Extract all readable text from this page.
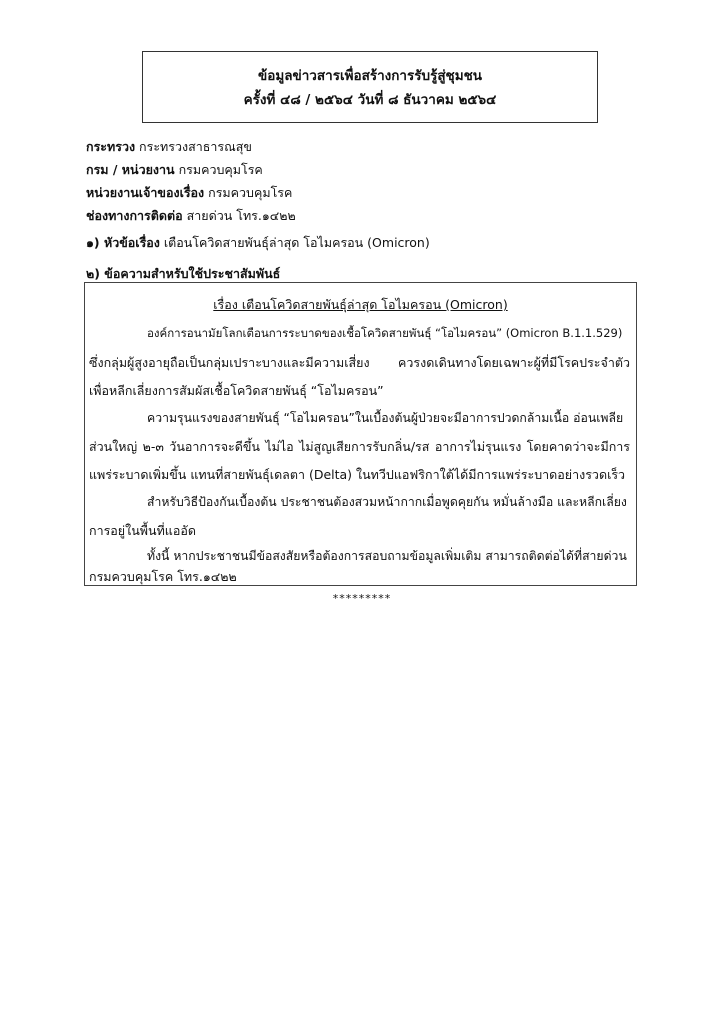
ข้อมูลข่าวสารเพื่อสร้างการรับรู้สู่ชุมชน
ครั้งที่ ๔๘ / ๒๕๖๔ วันที่ ๘ ธันวาคม ๒๕๖๔
กระทรวง กระทรวงสาธารณสุข
กรม / หน่วยงาน กรมควบคุมโรค
หน่วยงานเจ้าของเรื่อง กรมควบคุมโรค
ช่องทางการติดต่อ สายด่วน โทร.๑๔๒๒
๑) หัวข้อเรื่อง เตือนโควิดสายพันธุ์ล่าสุด โอไมครอน (Omicron)
๒) ข้อความสำหรับใช้ประชาสัมพันธ์
เรื่อง เตือนโควิดสายพันธุ์ล่าสุด โอไมครอน (Omicron)
องค์การอนามัยโลกเตือนการระบาดของเชื้อโควิดสายพันธุ์ “โอไมครอน” (Omicron B.1.1.529)
ซึ่งกลุ่มผู้สูงอายุถือเป็นกลุ่มเปราะบางและมีความเสี่ยง ควรงดเดินทางโดยเฉพาะผู้ที่มีโรคประจำตัว
เพื่อหลีกเลี่ยงการสัมผัสเชื้อโควิดสายพันธุ์ “โอไมครอน”
ความรุนแรงของสายพันธุ์ “โอไมครอน”ในเบื้องต้นผู้ป่วยจะมีอาการปวดกล้ามเนื้อ อ่อนเพลีย
ส่วนใหญ่ ๒-๓ วันอาการจะดีขึ้น ไม่ไอ ไม่สูญเสียการรับกลิ่น/รส อาการไม่รุนแรง โดยคาดว่าจะมีการ
แพร่ระบาดเพิ่มขึ้น แทนที่สายพันธุ์เดลตา (Delta) ในทวีปแอฟริกาใต้ได้มีการแพร่ระบาดอย่างรวดเร็ว
สำหรับวิธีป้องกันเบื้องต้น ประชาชนต้องสวมหน้ากากเมื่อพูดคุยกัน หมั่นล้างมือ และหลีกเลี่ยง
การอยู่ในพื้นที่แออัด
ทั้งนี้ หากประชาชนมีข้อสงสัยหรือต้องการสอบถามข้อมูลเพิ่มเติม สามารถติดต่อได้ที่สายด่วน
กรมควบคุมโรค โทร.๑๔๒๒
*********
